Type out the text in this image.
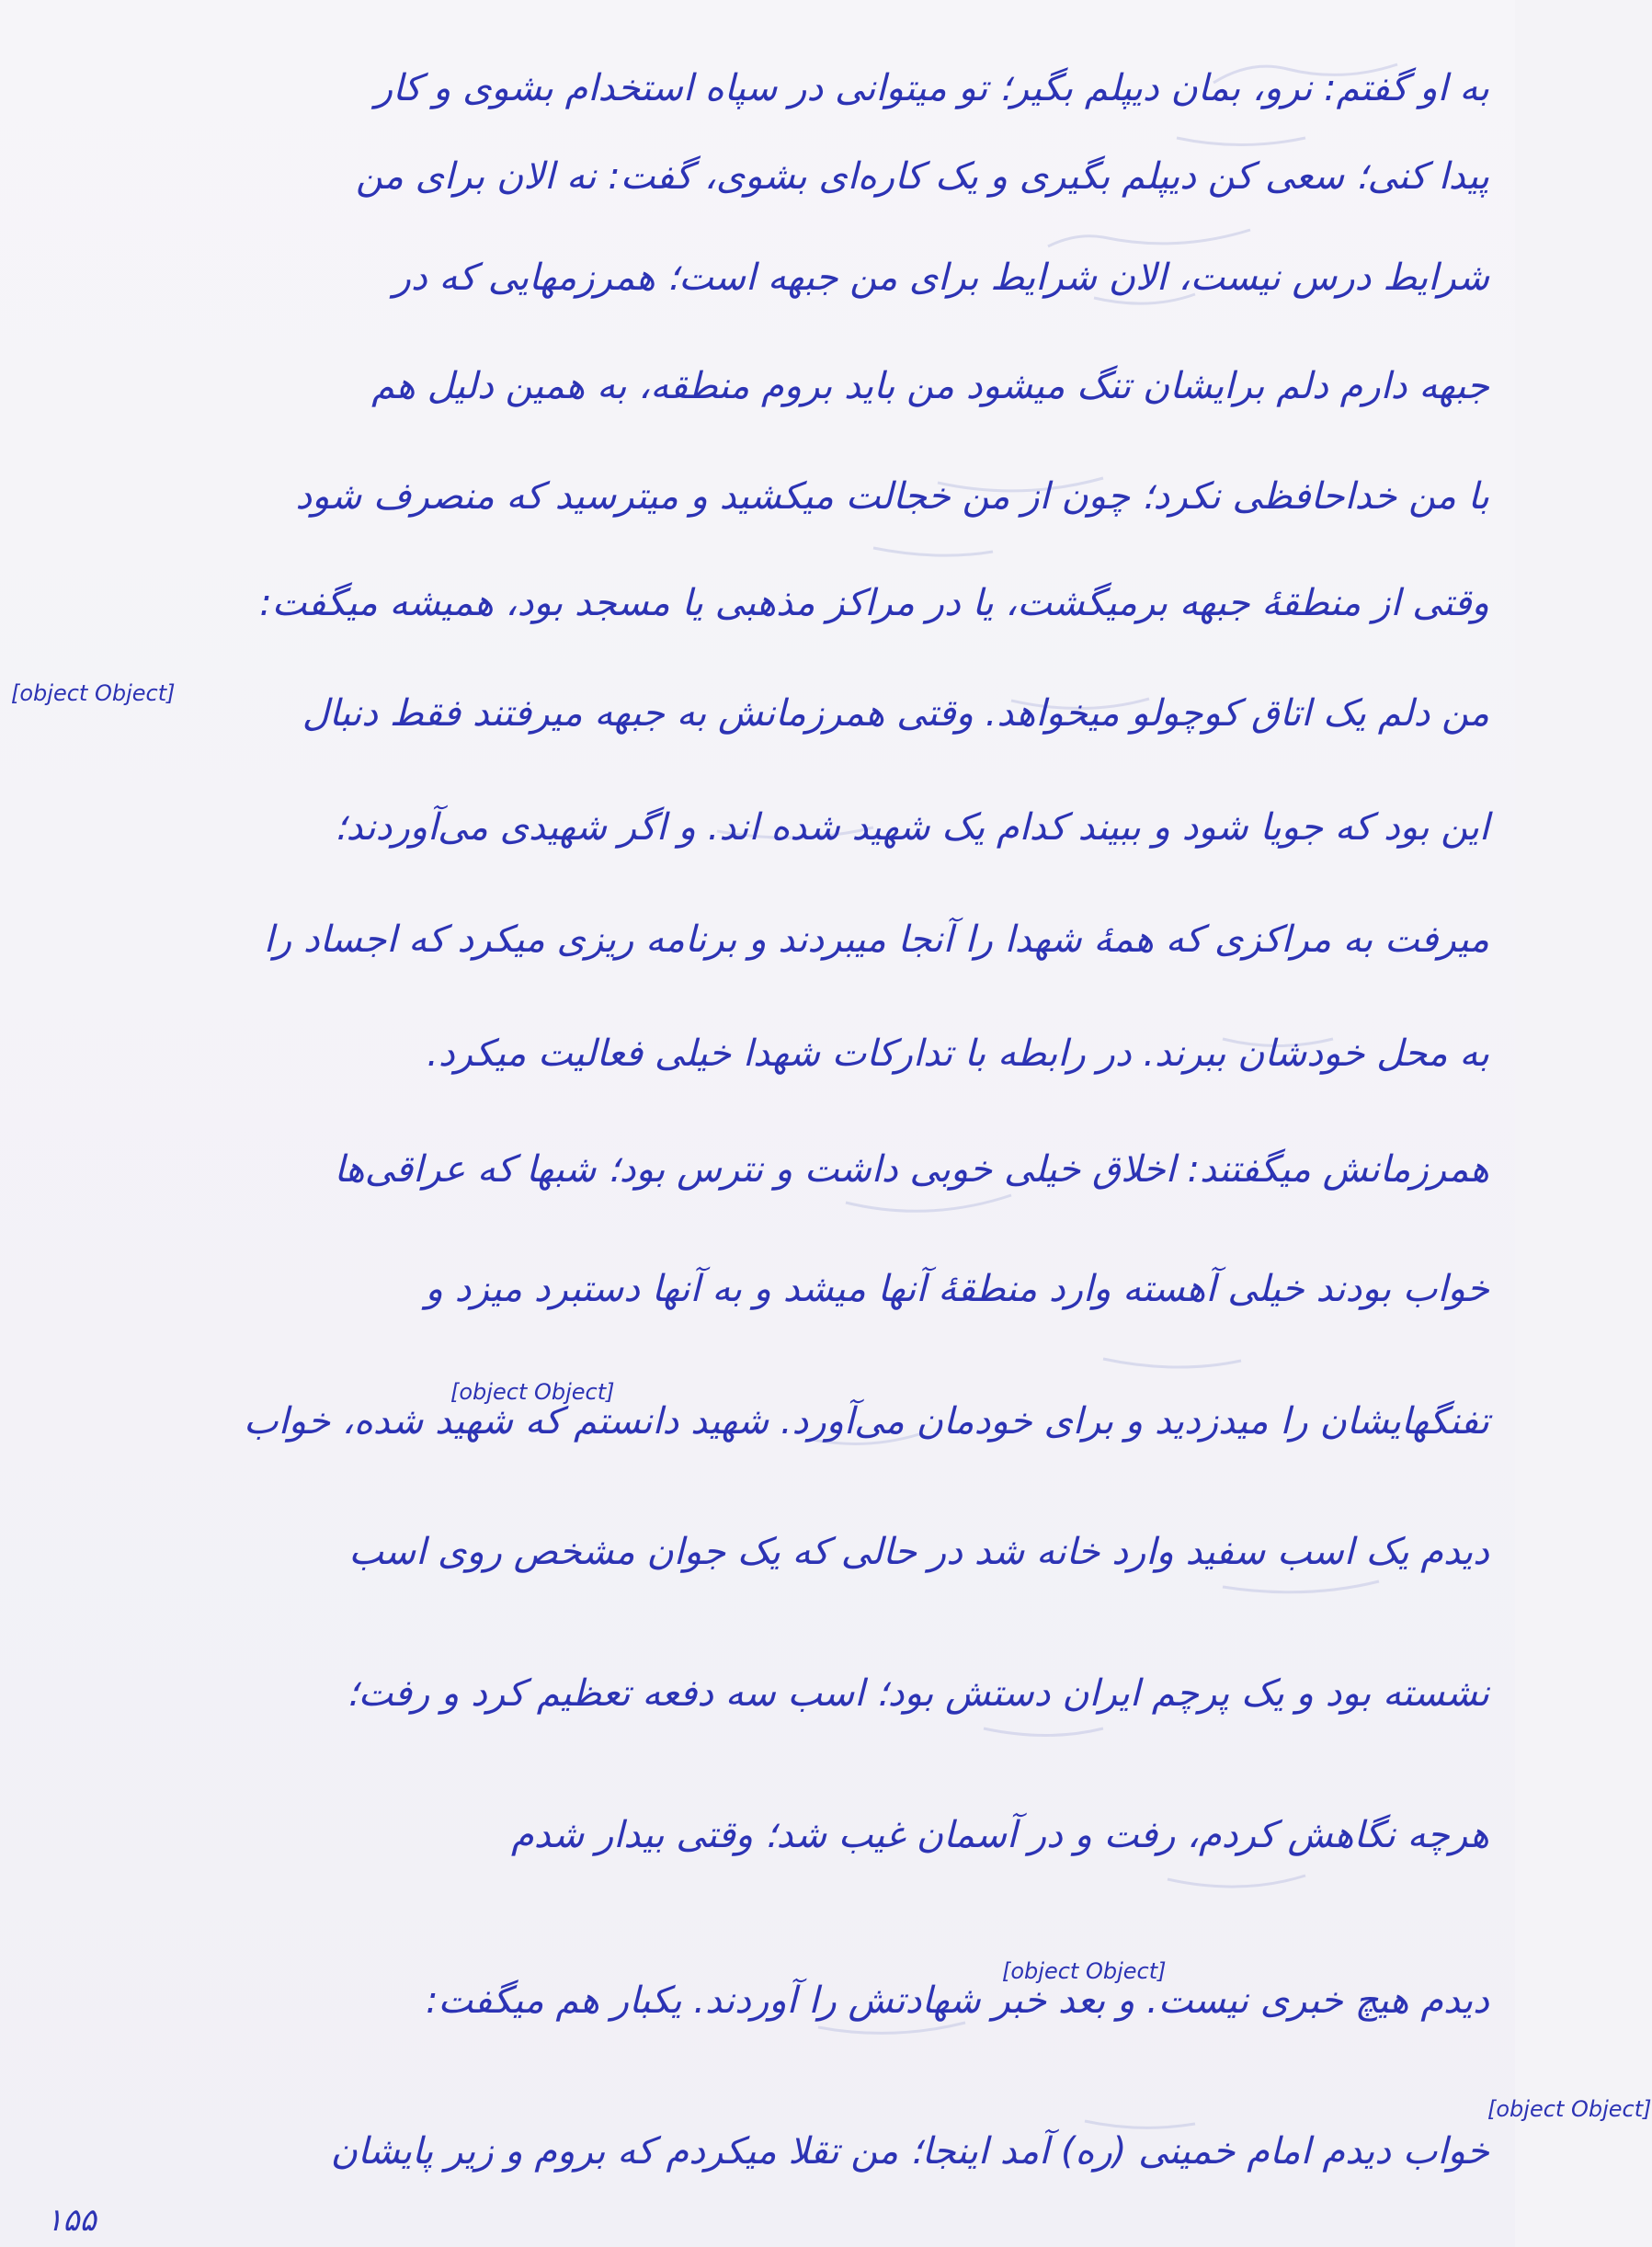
به او گفتم: نرو، بمان دیپلم بگیر؛ تو میتوانی در سپاه استخدام بشوی و کار
پیدا کنی؛ سعی کن دیپلم بگیری و یک کاره‌ای بشوی، گفت: نه الان برای من
شرایط درس نیست، الان شرایط برای من جبهه است؛ همرزمهایی که در
جبهه دارم دلم برایشان تنگ میشود من باید بروم منطقه، به همین دلیل هم
با من خداحافظی نکرد؛ چون از من خجالت میکشید و میترسید که منصرف شود
وقتی از منطقهٔ جبهه برمیگشت، یا در مراکز مذهبی یا مسجد بود، همیشه میگفت:
من دلم یک اتاق کوچولو میخواهد. وقتی همرزمانش به جبهه میرفتند فقط دنبال
این بود که جویا شود و ببیند کدام یک شهید شده اند. و اگر شهیدی می‌آوردند؛
میرفت به مراکزی که همهٔ شهدا را آنجا میبردند و برنامه ریزی میکرد که اجساد را
به محل خودشان ببرند. در رابطه با تدارکات شهدا خیلی فعالیت میکرد.
همرزمانش میگفتند: اخلاق خیلی خوبی داشت و نترس بود؛ شبها که عراقی‌ها
خواب بودند خیلی آهسته وارد منطقهٔ آنها میشد و به آنها دستبرد میزد و
تفنگهایشان را میدزدید و برای خودمان می‌آورد. شهید دانستم که شهید شده، خواب
دیدم یک اسب سفید وارد خانه شد در حالی که یک جوان مشخص روی اسب
نشسته بود و یک پرچم ایران دستش بود؛ اسب سه دفعه تعظیم کرد و رفت؛
هرچه نگاهش کردم، رفت و در آسمان غیب شد؛ وقتی بیدار شدم
دیدم هیچ خبری نیست. و بعد خبر شهادتش را آوردند. یکبار هم میگفت:
خواب دیدم امام خمینی (ره) آمد اینجا؛ من تقلا میکردم که بروم و زیر پایشان
[object Object]
[object Object]
[object Object]
[object Object]
۱۵۵
